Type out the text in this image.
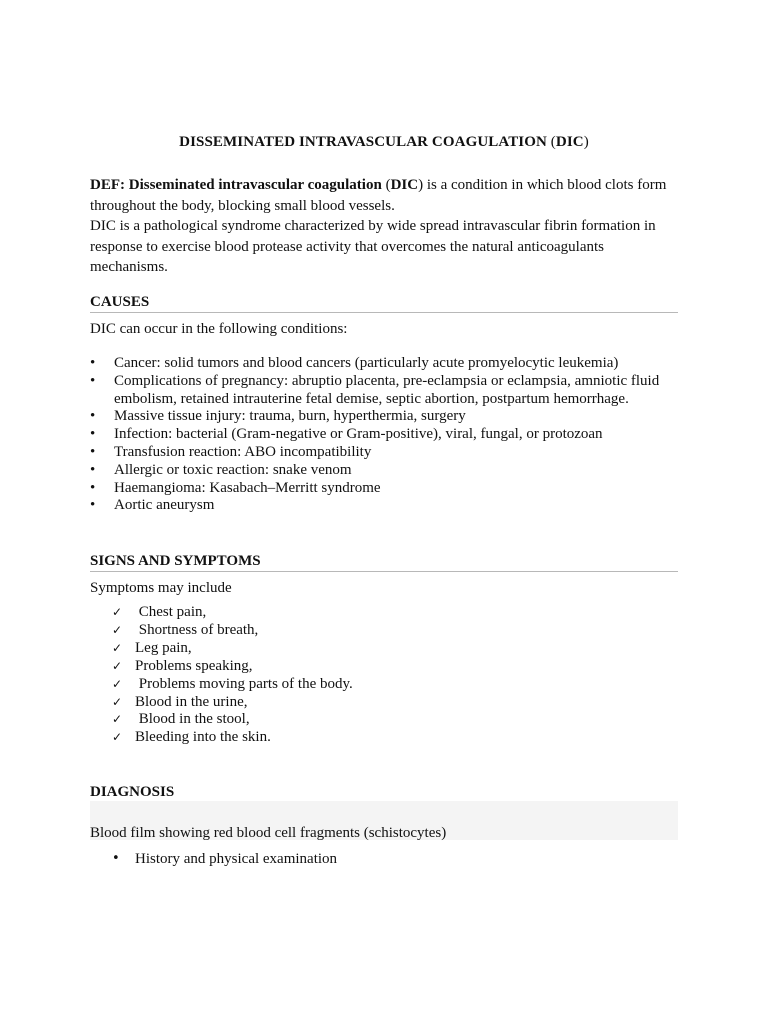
DISSEMINATED INTRAVASCULAR COAGULATION (DIC)

DEF: Disseminated intravascular coagulation (DIC) is a condition in which blood clots form throughout the body, blocking small blood vessels.

DIC is a pathological syndrome characterized by wide spread intravascular fibrin formation in response to exercise blood protease activity that overcomes the natural anticoagulants mechanisms.

CAUSES
DIC can occur in the following conditions:
• Cancer: solid tumors and blood cancers (particularly acute promyelocytic leukemia)
• Complications of pregnancy: abruptio placenta, pre-eclampsia or eclampsia, amniotic fluid embolism, retained intrauterine fetal demise, septic abortion, postpartum hemorrhage.
• Massive tissue injury: trauma, burn, hyperthermia, surgery
• Infection: bacterial (Gram-negative or Gram-positive), viral, fungal, or protozoan
• Transfusion reaction: ABO incompatibility
• Allergic or toxic reaction: snake venom
• Haemangioma: Kasabach–Merritt syndrome
• Aortic aneurysm
SIGNS AND SYMPTOMS
Symptoms may include
✓ Chest pain,
✓ Shortness of breath,
✓ Leg pain,
✓ Problems speaking,
✓ Problems moving parts of the body.
✓ Blood in the urine,
✓ Blood in the stool,
✓ Bleeding into the skin.
DIAGNOSIS
Blood film showing red blood cell fragments (schistocytes)
• History and physical examination
